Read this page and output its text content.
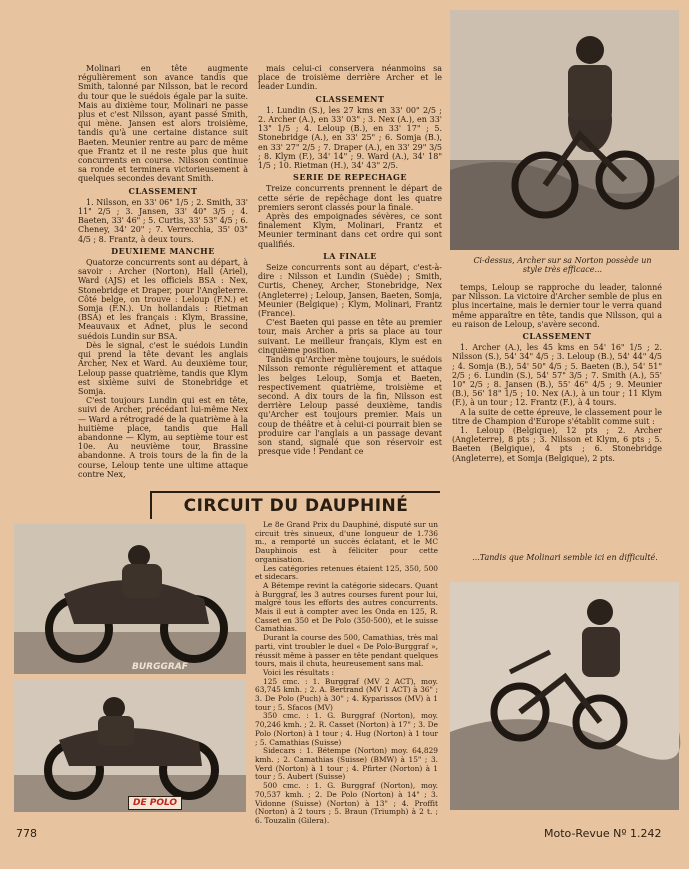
Molinari en tête augmente régulièrement son avance tandis que Smith, talonné par Nilsson, bat le record du tour que le suédois égale par la suite. Mais au dixième tour, Molinari ne passe plus et c'est Nilsson, ayant passé Smith, qui mène. Jansen est alors troisième, tandis qu'à une certaine distance suit Baeten. Meunier rentre au parc de même que Frantz et il ne reste plus que huit concurrents en course. Nilsson continue sa ronde et terminera victorieusement à quelques secondes devant Smith.

CLASSEMENT

1. Nilsson, en 33' 06" 1/5 ; 2. Smith, 33' 11" 2/5 ; 3. Jansen, 33' 40" 3/5 ; 4. Baeten, 33' 46" ; 5. Curtis, 33' 53" 4/5 ; 6. Cheney, 34' 20" ; 7. Verrecchia, 35' 03" 4/5 ; 8. Frantz, à deux tours.

DEUXIEME MANCHE

Quatorze concurrents sont au départ, à savoir : Archer (Norton), Hall (Ariel), Ward (AJS) et les officiels BSA : Nex, Stonebridge et Draper, pour l'Angleterre. Côté belge, on trouve : Leloup (F.N.) et Somja (F.N.). Un hollandais : Rietman (BSA) et les français : Klym, Brassine, Meauvaux et Adnet, plus le second suédois Lundin sur BSA.

Dès le signal, c'est le suédois Lundin qui prend la tête devant les anglais Archer, Nex et Ward. Au deuxième tour, Leloup passe quatrième, tandis que Klym est sixième suivi de Stonebridge et Somja.

C'est toujours Lundin qui est en tête, suivi de Archer, précédant lui-même Nex — Ward a rétrogradé de la quatrième à la huitième place, tandis que Hall abandonne — Klym, au septième tour est 10e. Au neuvième tour, Brassine abandonne. A trois tours de la fin de la course, Leloup tente une ultime attaque contre Nex,

mais celui-ci conservera néanmoins sa place de troisième derrière Archer et le leader Lundin.

CLASSEMENT

1. Lundin (S.), les 27 kms en 33' 00" 2/5 ; 2. Archer (A.), en 33' 03" ; 3. Nex (A.), en 33' 13" 1/5 ; 4. Leloup (B.), en 33' 17" ; 5. Stonebridge (A.), en 33' 25" ; 6. Somja (B.), en 33' 27" 2/5 ; 7. Draper (A.), en 33' 29" 3/5 ; 8. Klym (F.), 34' 14" ; 9. Ward (A.), 34' 18" 1/5 ; 10. Rietman (H.), 34' 43" 2/5.

SERIE DE REPECHAGE

Treize concurrents prennent le départ de cette série de repêchage dont les quatre premiers seront classés pour la finale.

Après des empoignades sévères, ce sont finalement Klym, Molinari, Frantz et Meunier terminant dans cet ordre qui sont qualifiés.

LA FINALE

Seize concurrents sont au départ, c'est-à-dire : Nilsson et Lundin (Suède) ; Smith, Curtis, Cheney, Archer, Stonebridge, Nex (Angleterre) ; Leloup, Jansen, Baeten, Somja, Meunier (Belgique) ; Klym, Molinari, Frantz (France).

C'est Baeten qui passe en tête au premier tour, mais Archer a pris sa place au tour suivant. Le meilleur français, Klym est en cinquième position.

Tandis qu'Archer mène toujours, le suédois Nilsson remonte régulièrement et attaque les belges Leloup, Somja et Baeten, respectivement quatrième, troisième et second. A dix tours de la fin, Nilsson est derrière Leloup passé deuxième, tandis qu'Archer est toujours premier. Mais un coup de théâtre et à celui-ci pourrait bien se produire car l'anglais a un passage devant son stand, signalé que son réservoir est presque vide ! Pendant ce

Ci-dessus, Archer sur sa Norton possède un style très efficace...

temps, Leloup se rapproche du leader, talonné par Nilsson. La victoire d'Archer semble de plus en plus incertaine, mais le dernier tour le verra quand même apparaître en tête, tandis que Nilsson, qui a eu raison de Leloup, s'avère second.

CLASSEMENT

1. Archer (A.), les 45 kms en 54' 16" 1/5 ; 2. Nilsson (S.), 54' 34" 4/5 ; 3. Leloup (B.), 54' 44" 4/5 ; 4. Somja (B.), 54' 50" 4/5 ; 5. Baeten (B.), 54' 51" 2/5 ; 6. Lundin (S.), 54' 57" 3/5 ; 7. Smith (A.), 55' 10" 2/5 ; 8. Jansen (B.), 55' 46" 4/5 ; 9. Meunier (B.), 56' 18" 1/5 ; 10. Nex (A.), à un tour ; 11 Klym (F.), à un tour ; 12. Frantz (F.), à 4 tours.

A la suite de cette épreuve, le classement pour le titre de Champion d'Europe s'établit comme suit :

1. Leloup (Belgique), 12 pts ; 2. Archer (Angleterre), 8 pts ; 3. Nilsson et Klym, 6 pts ; 5. Baeten (Belgique), 4 pts ; 6. Stonebridge (Angleterre), et Somja (Belgique), 2 pts.

...Tandis que Molinari semble ici en difficulté.
CIRCUIT DU DAUPHINÉ
BURGGRAF
DE POLO

Le 8e Grand Prix du Dauphiné, disputé sur un circuit très sinueux, d'une longueur de 1.736 m., a remporté un succès éclatant, et le MC Dauphinois est à féliciter pour cette organisation.

Les catégories retenues étaient 125, 350, 500 et sidecars.

A Bétempe revint la catégorie sidecars. Quant à Burggraf, les 3 autres courses furent pour lui, malgré tous les efforts des autres concurrents. Mais il eut à compter avec les Onda en 125, R. Casset en 350 et De Polo (350-500), et le suisse Camathias.

Durant la course des 500, Camathias, très mal parti, vint troubler le duel « De Polo-Burggraf », réussit même à passer en tête pendant quelques tours, mais il chuta, heureusement sans mal.

Voici les résultats :

125 cmc. : 1. Burggraf (MV 2 ACT), moy. 63,745 kmh. ; 2. A. Bertrand (MV 1 ACT) à 36" ; 3. De Polo (Puch) à 30" ; 4. Kyparissos (MV) à 1 tour ; 5. Sfacos (MV)

350 cmc. : 1. G. Burggraf (Norton), moy. 70,246 kmh. ; 2. R. Casset (Norton) à 17" ; 3. De Polo (Norton) à 1 tour ; 4. Hug (Norton) à 1 tour ; 5. Camathias (Suisse)

Sidecars : 1. Bétempe (Norton) moy. 64,829 kmh. ; 2. Camathias (Suisse) (BMW) à 15" ; 3. Verd (Norton) à 1 tour ; 4. Pfirter (Norton) à 1 tour ; 5. Aubert (Suisse)

500 cmc. : 1. G. Burggraf (Norton), moy. 70,537 kmh. ; 2. De Polo (Norton) à 14" ; 3. Vidonne (Suisse) (Norton) à 13" ; 4. Proffit (Norton) à 2 tours ; 5. Braun (Triumph) à 2 t. ; 6. Touzalin (Gilera).

778	Moto-Revue Nº 1.242
